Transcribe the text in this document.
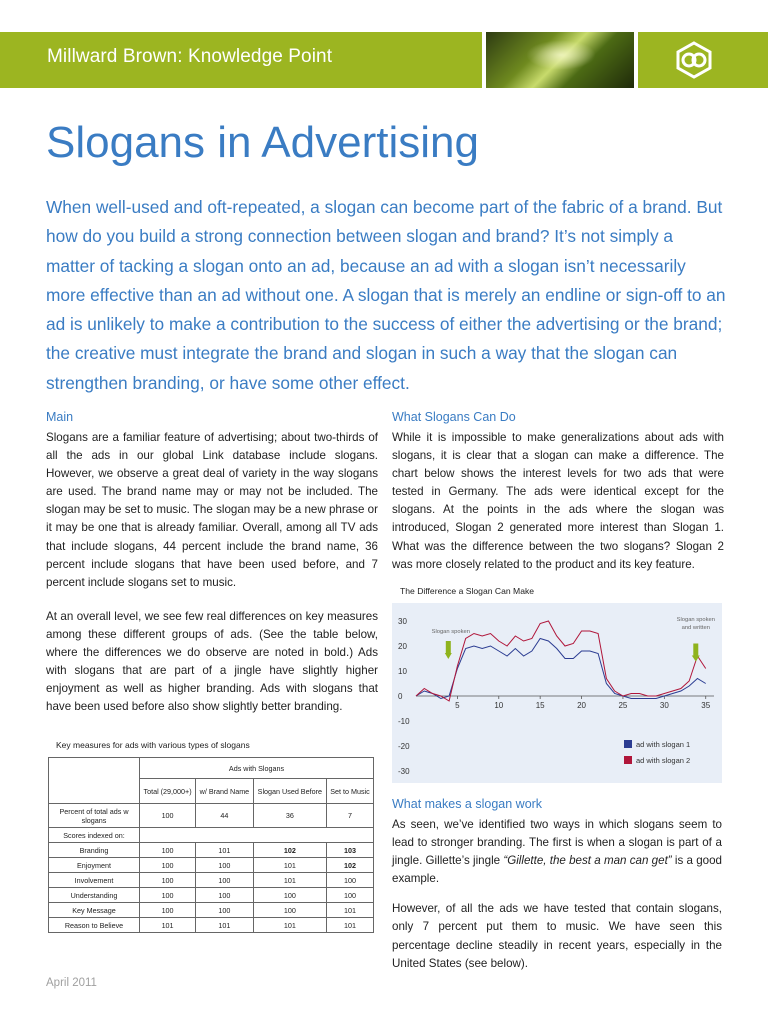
Millward Brown: Knowledge Point
Slogans in Advertising

When well-used and oft-repeated, a slogan can become part of the fabric of a brand. But how do you build a strong connection between slogan and brand? It’s not simply a matter of tacking a slogan onto an ad, because an ad with a slogan isn’t necessarily more effective than an ad without one. A slogan that is merely an endline or sign-off to an ad is unlikely to make a contribution to the success of either the advertising or the brand; the creative must integrate the brand and slogan in such a way that the slogan can strengthen branding, or have some other effect.

Main

Slogans are a familiar feature of advertising; about two-thirds of all the ads in our global Link database include slogans. However, we observe a great deal of variety in the way slogans are used. The brand name may or may not be included. The slogan may be set to music. The slogan may be a new phrase or it may be one that is already familiar. Overall, among all TV ads that include slogans, 44 percent include the brand name, 36 percent include slogans that have been used before, and 7 percent include slogans set to music.

At an overall level, we see few real differences on key measures among these different groups of ads. (See the table below, where the differences we do observe are noted in bold.) Ads with slogans that are part of a jingle have slightly higher enjoyment as well as higher branding. Ads with slogans that have been used before also show slightly better branding.

Key measures for ads with various types of slogans
	Ads with Slogans			
	Total (29,000+)	w/ Brand Name	Slogan Used Before	Set to Music
Percent of total ads w slogans	100	44	36	7
Scores indexed on:				
Branding	100	101	102	103
Enjoyment	100	100	101	102
Involvement	100	100	101	100
Understanding	100	100	100	100
Key Message	100	100	100	101
Reason to Believe	101	101	101	101
What Slogans Can Do

While it is impossible to make generalizations about ads with slogans, it is clear that a slogan can make a difference. The chart below shows the interest levels for two ads that were tested in Germany. The ads were identical except for the slogans. At the points in the ads where the slogan was introduced, Slogan 2 generated more interest than Slogan 1. What was the difference between the two slogans? Slogan 2 was more closely related to the product and its key feature.

The Difference a Slogan Can Make
30
20
10
0
-10
-20
-30
5	10	15	20	25	30	35
Slogan spoken
Slogan spoken
and written
ad with slogan 1
ad with slogan 2
What makes a slogan work

As seen, we’ve identified two ways in which slogans seem to lead to stronger branding. The first is when a slogan is part of a jingle. Gillette’s jingle “Gillette, the best a man can get” is a good example.

However, of all the ads we have tested that contain slogans, only 7 percent put them to music. We have seen this percentage decline steadily in recent years, especially in the United States (see below).

April 2011
